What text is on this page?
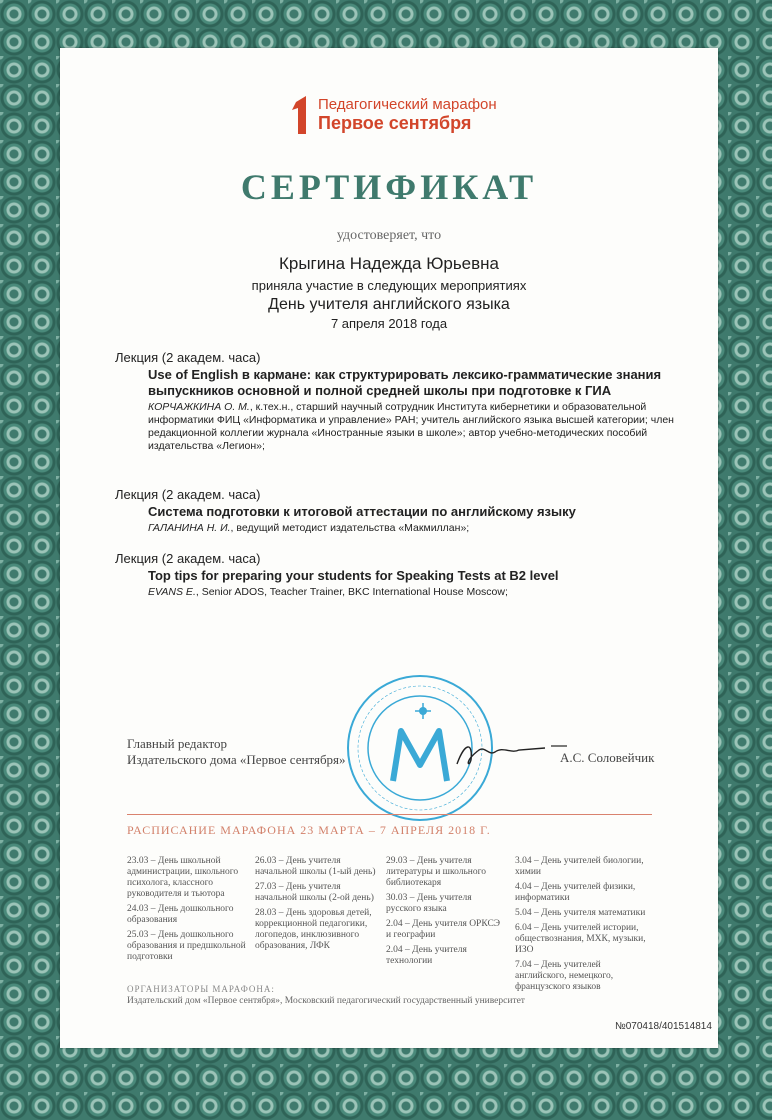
Педагогический марафон
Первое сентября
СЕРТИФИКАТ
удостоверяет, что
Крыгина Надежда Юрьевна
приняла участие в следующих мероприятиях
День учителя английского языка
7 апреля 2018 года
Лекция (2 академ. часа)
Use of English в кармане: как структурировать лексико-грамматические знания выпускников основной и полной средней школы при подготовке к ГИА
КОРЧАЖКИНА О. М., к.тех.н., старший научный сотрудник Института кибернетики и образовательной информатики ФИЦ «Информатика и управление» РАН; учитель английского языка высшей категории; член редакционной коллегии журнала «Иностранные языки в школе»; автор учебно-методических пособий издательства «Легион»;
Лекция (2 академ. часа)
Система подготовки к итоговой аттестации по английскому языку
ГАЛАНИНА Н. И., ведущий методист издательства «Макмиллан»;
Лекция (2 академ. часа)
Top tips for preparing your students for Speaking Tests at B2 level
EVANS E., Senior ADOS, Teacher Trainer, BKC International House Moscow;
Главный редактор
Издательского дома «Первое сентября»	А.С. Соловейчик
РАСПИСАНИЕ МАРАФОНА 23 МАРТА – 7 АПРЕЛЯ 2018 Г.
23.03 – День школьной администрации, школьного психолога, классного руководителя и тьютора
24.03 – День дошкольного образования
25.03 – День дошкольного образования и предшкольной подготовки
26.03 – День учителя начальной школы (1-ый день)
27.03 – День учителя начальной школы (2-ой день)
28.03 – День здоровья детей, коррекционной педагогики, логопедов, инклюзивного образования, ЛФК
29.03 – День учителя литературы и школьного библиотекаря
30.03 – День учителя русского языка
2.04 – День учителя ОРКСЭ и географии
2.04 – День учителя технологии
3.04 – День учителей биологии, химии
4.04 – День учителей физики, информатики
5.04 – День учителя математики
6.04 – День учителей истории, обществознания, МХК, музыки, ИЗО
7.04 – День учителей английского, немецкого, французского языков
ОРГАНИЗАТОРЫ МАРАФОНА:
Издательский дом «Первое сентября», Московский педагогический государственный университет
№070418/401514814
